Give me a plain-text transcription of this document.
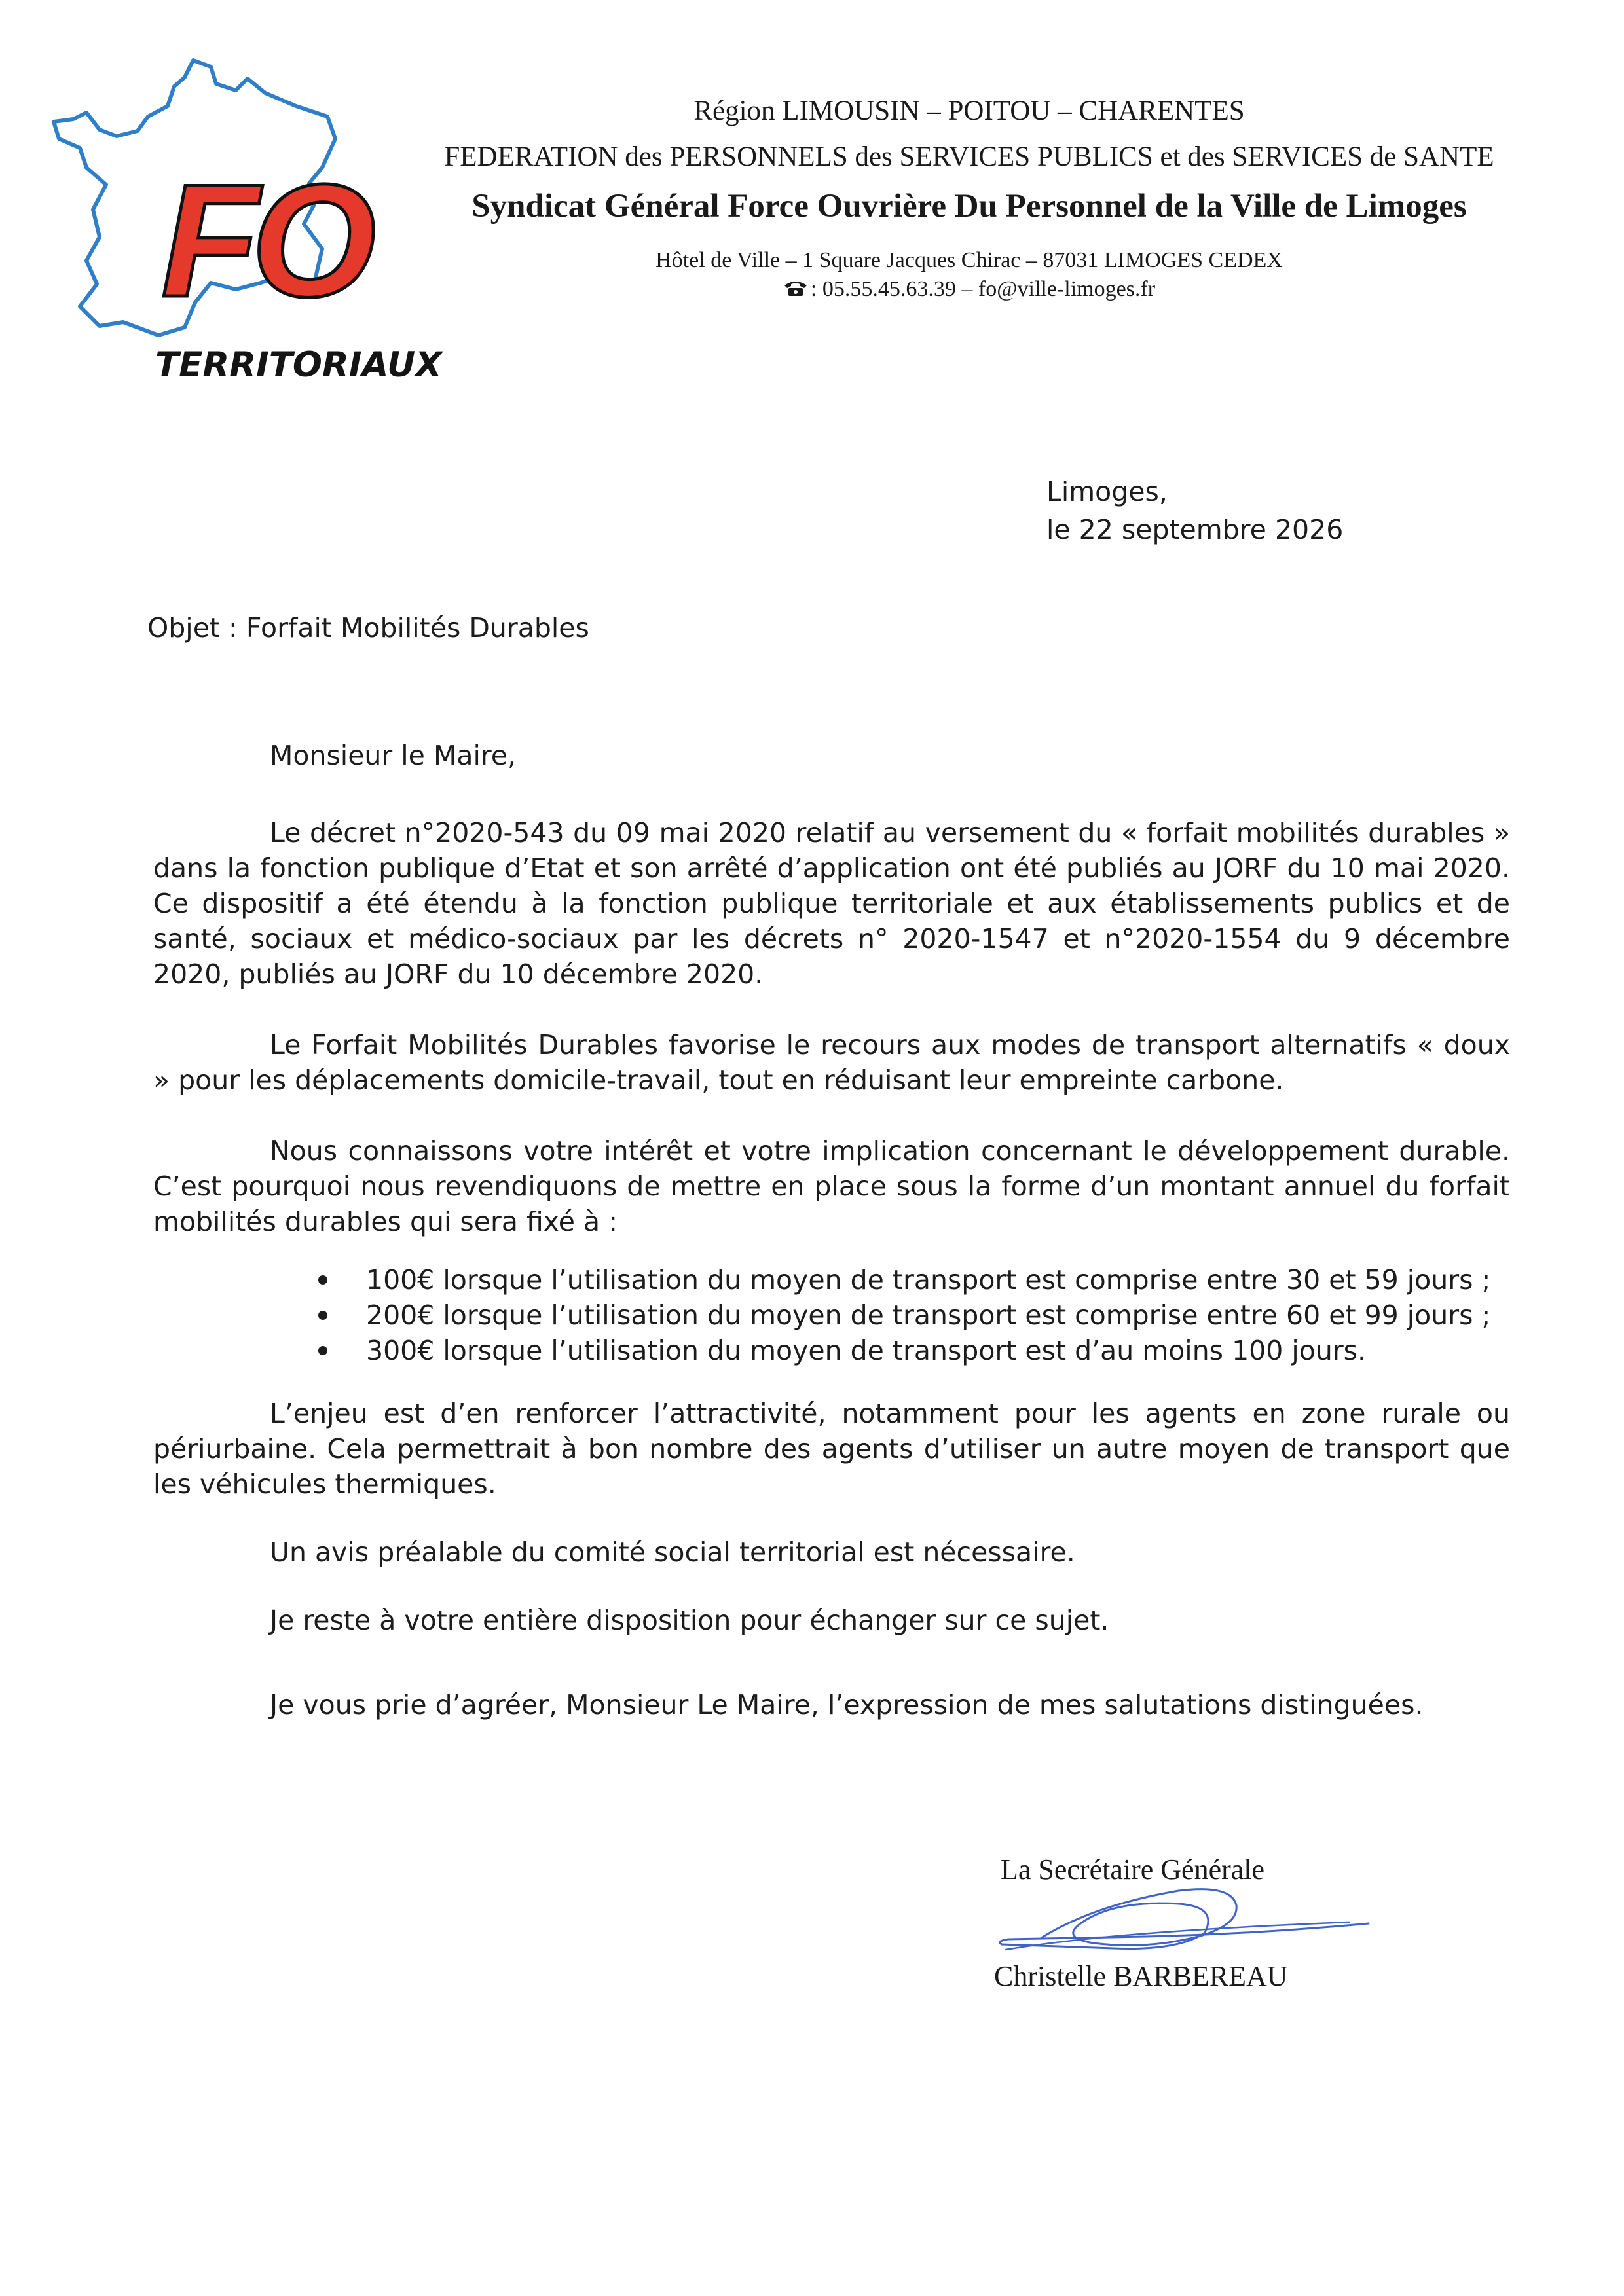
FO
TERRITORIAUX
Région LIMOUSIN – POITOU – CHARENTES
FEDERATION des PERSONNELS des SERVICES PUBLICS et des SERVICES de SANTE
Syndicat Général Force Ouvrière Du Personnel de la Ville de Limoges
Hôtel de Ville – 1 Square Jacques Chirac – 87031 LIMOGES CEDEX
: 05.55.45.63.39 – fo@ville-limoges.fr
Limoges,
le 22 septembre 2026
Objet : Forfait Mobilités Durables
Monsieur le Maire,

Le décret n°2020-543 du 09 mai 2020 relatif au versement du « forfait mobilités durables » dans la fonction publique d’Etat et son arrêté d’application ont été publiés au JORF du 10 mai 2020. Ce dispositif a été étendu à la fonction publique territoriale et aux établissements publics et de santé, sociaux et médico-sociaux par les décrets n° 2020-1547 et n°2020-1554 du 9 décembre 2020, publiés au JORF du 10 décembre 2020.

Le Forfait Mobilités Durables favorise le recours aux modes de transport alternatifs « doux » pour les déplacements domicile-travail, tout en réduisant leur empreinte carbone.

Nous connaissons votre intérêt et votre implication concernant le développement durable. C’est pourquoi nous revendiquons de mettre en place sous la forme d’un montant annuel du forfait mobilités durables qui sera fixé à :

100€ lorsque l’utilisation du moyen de transport est comprise entre 30 et 59 jours ;
200€ lorsque l’utilisation du moyen de transport est comprise entre 60 et 99 jours ;
300€ lorsque l’utilisation du moyen de transport est d’au moins 100 jours.

L’enjeu est d’en renforcer l’attractivité, notamment pour les agents en zone rurale ou périurbaine. Cela permettrait à bon nombre des agents d’utiliser un autre moyen de transport que les véhicules thermiques.

Un avis préalable du comité social territorial est nécessaire.

Je reste à votre entière disposition pour échanger sur ce sujet.

Je vous prie d’agréer, Monsieur Le Maire, l’expression de mes salutations distinguées.

La Secrétaire Générale
Christelle BARBEREAU
